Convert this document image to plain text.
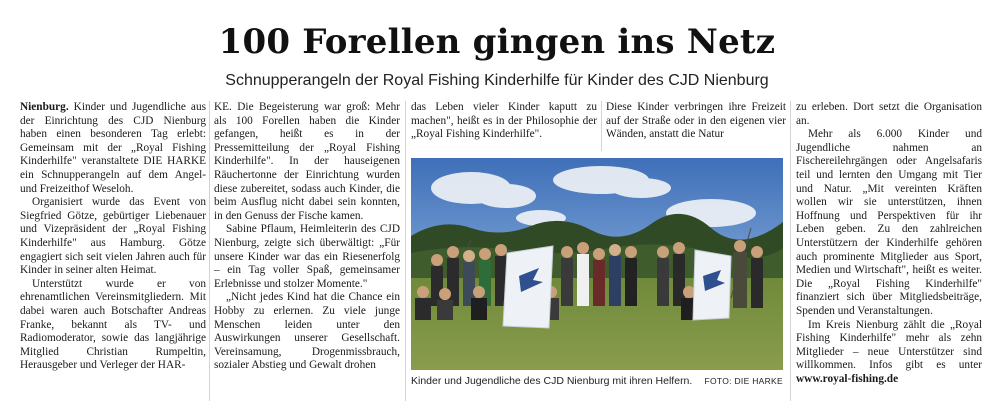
100 Forellen gingen ins Netz
Schnupperangeln der Royal Fishing Kinderhilfe für Kinder des CJD Nienburg

Nienburg. Kinder und Jugendliche aus der Einrichtung des CJD Nienburg haben einen besonderen Tag erlebt: Gemeinsam mit der „Royal Fishing Kinderhilfe" veranstaltete DIE HARKE ein Schnupperangeln auf dem Angel- und Freizeithof Weseloh.

Organisiert wurde das Event von Siegfried Götze, gebürtiger Liebenauer und Vizepräsident der „Royal Fishing Kinderhilfe" aus Hamburg. Götze engagiert sich seit vielen Jahren auch für Kinder in seiner alten Heimat.

Unterstützt wurde er von ehrenamtlichen Vereinsmitgliedern. Mit dabei waren auch Botschafter Andreas Franke, bekannt als TV- und Radiomoderator, sowie das langjährige Mitglied Christian Rumpeltin, Herausgeber und Verleger der HAR-

KE. Die Begeisterung war groß: Mehr als 100 Forellen haben die Kinder gefangen, heißt es in der Pressemitteilung der „Royal Fishing Kinderhilfe". In der hauseigenen Räuchertonne der Einrichtung wurden diese zubereitet, sodass auch Kinder, die beim Ausflug nicht dabei sein konnten, in den Genuss der Fische kamen.

Sabine Pflaum, Heimleiterin des CJD Nienburg, zeigte sich überwältigt: „Für unsere Kinder war das ein Riesenerfolg – ein Tag voller Spaß, gemeinsamer Erlebnisse und stolzer Momente."

„Nicht jedes Kind hat die Chance ein Hobby zu erlernen. Zu viele junge Menschen leiden unter den Auswirkungen unserer Gesellschaft. Vereinsamung, Drogenmissbrauch, sozialer Abstieg und Gewalt drohen

das Leben vieler Kinder kaputt zu machen", heißt es in der Philosophie der „Royal Fishing Kinderhilfe".

Diese Kinder verbringen ihre Freizeit auf der Straße oder in den eigenen vier Wänden, anstatt die Natur

zu erleben. Dort setzt die Organisation an.

Mehr als 6.000 Kinder und Jugendliche nahmen an Fischereilehrgängen oder Angelsafaris teil und lernten den Umgang mit Tier und Natur. „Mit vereinten Kräften wollen wir sie unterstützen, ihnen Hoffnung und Perspektiven für ihr Leben geben. Zu den zahlreichen Unterstützern der Kinderhilfe gehören auch prominente Mitglieder aus Sport, Medien und Wirtschaft", heißt es weiter. Die „Royal Fishing Kinderhilfe" finanziert sich über Mitgliedsbeiträge, Spenden und Veranstaltungen.

Im Kreis Nienburg zählt die „Royal Fishing Kinderhilfe" mehr als zehn Mitglieder – neue Unterstützer sind willkommen. Infos gibt es unter www.royal-fishing.de

Kinder und Jugendliche des CJD Nienburg mit ihren Helfern. FOTO: DIE HARKE
